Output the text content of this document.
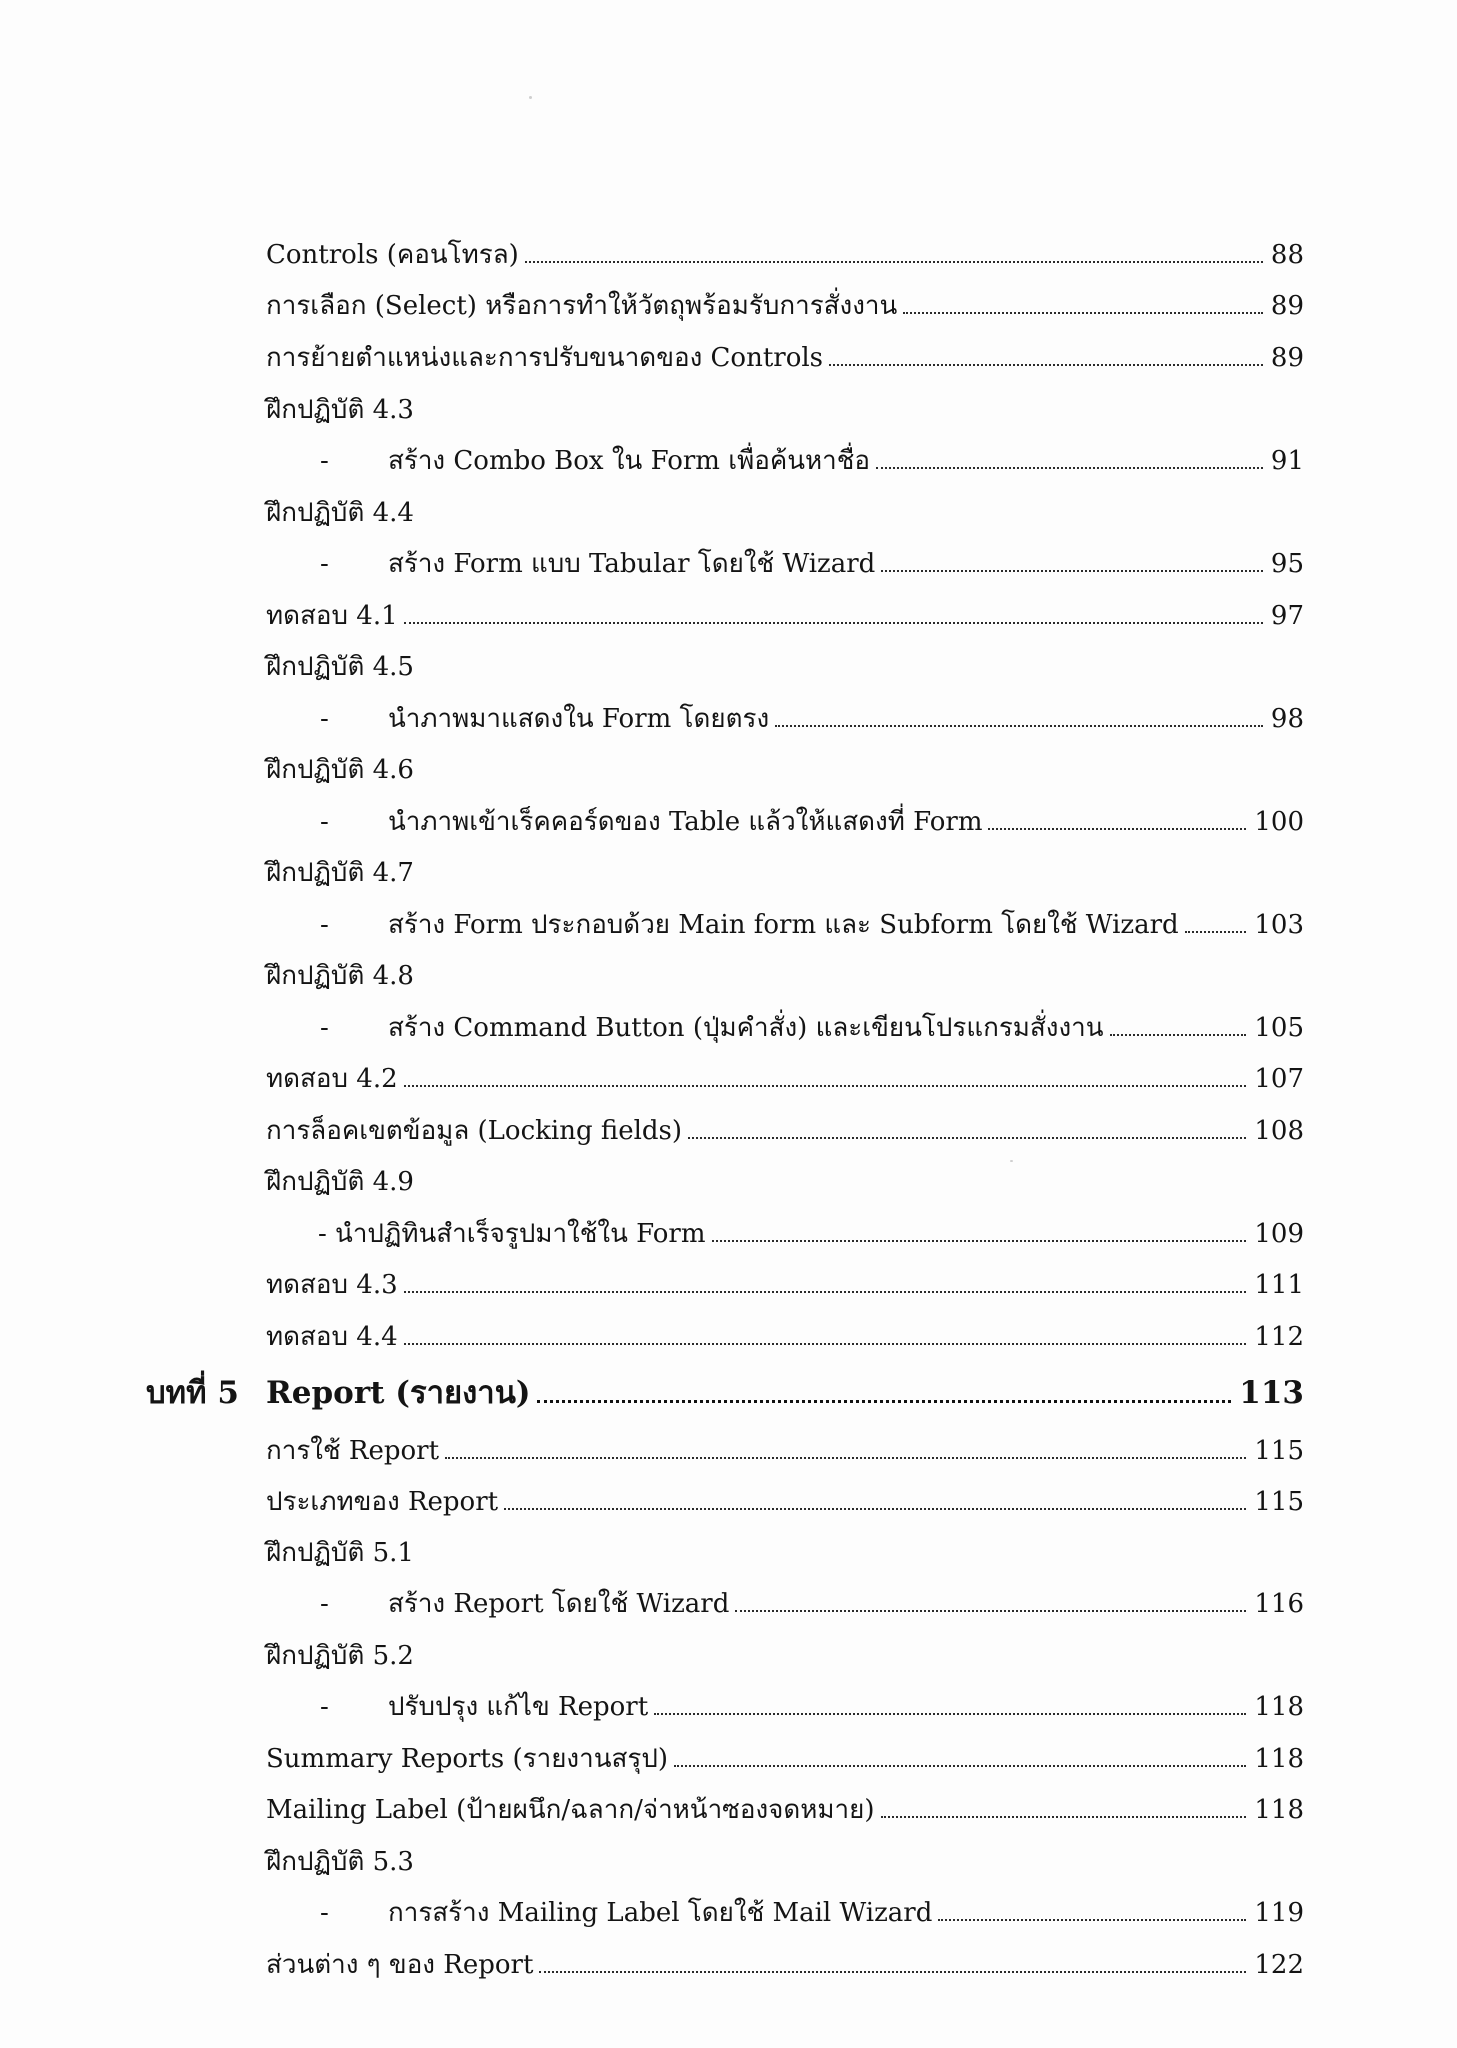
Controls (คอนโทรล)	88
การเลือก (Select) หรือการทำให้วัตถุพร้อมรับการสั่งงาน	89
การย้ายตำแหน่งและการปรับขนาดของ Controls	89
ฝึกปฏิบัติ 4.3
-	สร้าง Combo Box ใน Form เพื่อค้นหาชื่อ	91
ฝึกปฏิบัติ 4.4
-	สร้าง Form แบบ Tabular โดยใช้ Wizard	95
ทดสอบ 4.1	97
ฝึกปฏิบัติ 4.5
-	นำภาพมาแสดงใน Form โดยตรง	98
ฝึกปฏิบัติ 4.6
-	นำภาพเข้าเร็คคอร์ดของ Table แล้วให้แสดงที่ Form	100
ฝึกปฏิบัติ 4.7
-	สร้าง Form ประกอบด้วย Main form และ Subform โดยใช้ Wizard	103
ฝึกปฏิบัติ 4.8
-	สร้าง Command Button (ปุ่มคำสั่ง) และเขียนโปรแกรมสั่งงาน	105
ทดสอบ 4.2	107
การล็อคเขตข้อมูล (Locking fields)	108
ฝึกปฏิบัติ 4.9
- นำปฏิทินสำเร็จรูปมาใช้ใน Form	109
ทดสอบ 4.3	111
ทดสอบ 4.4	112
บทที่ 5 Report (รายงาน)	113
การใช้ Report	115
ประเภทของ Report	115
ฝึกปฏิบัติ 5.1
-	สร้าง Report โดยใช้ Wizard	116
ฝึกปฏิบัติ 5.2
-	ปรับปรุง แก้ไข Report	118
Summary Reports (รายงานสรุป)	118
Mailing Label (ป้ายผนึก/ฉลาก/จ่าหน้าซองจดหมาย)	118
ฝึกปฏิบัติ 5.3
-	การสร้าง Mailing Label โดยใช้ Mail Wizard	119
ส่วนต่าง ๆ ของ Report	122
